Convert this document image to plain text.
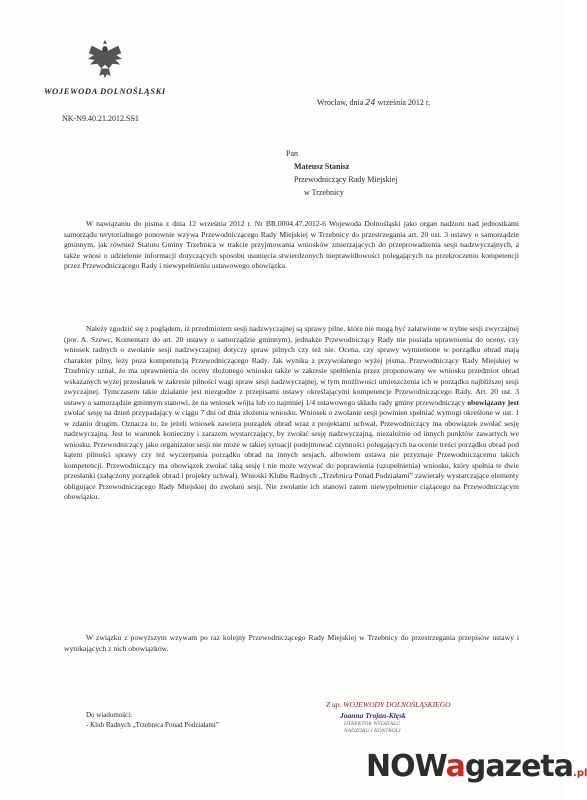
WOJEWODA DOLNOŚLĄSKI
NK-N9.40.21.2012.SS1
Wrocław, dnia 24 września 2012 r.
Pan
Mateusz Stanisz
Przewodniczący Rady Miejskiej
w Trzebnicy
W nawiązaniu do pisma z dnia 12 września 2012 r. Nr BR.0004.47.2012-6 Wojewoda Dolnośląski jako organ nadzoru nad jednostkami samorządu terytorialnego ponownie wzywa Przewodniczącego Rady Miejskiej w Trzebnicy do przestrzegania art. 20 ust. 3 ustawy o samorządzie gminnym, jak również Statutu Gminy Trzebnica w trakcie przyjmowania wniosków zmierzających do przeprowadzenia sesji nadzwyczajnych, a także wnosi o udzielenie informacji dotyczących sposobu usunięcia stwierdzonych nieprawidłowości polegających na przekroczeniu kompetencji przez Przewodniczącego Rady i niewypełnieniu ustawowego obowiązku.
Należy zgodzić się z poglądem, iż przedmiotem sesji nadzwyczajnej są sprawy pilne, które nie mogą być załatwione w trybie sesji zwyczajnej (por. A. Szewc, Komentarz do art. 20 ustawy o samorządzie gminnym), jednakże Przewodniczący Rady nie posiada uprawnienia do oceny, czy wniosek radnych o zwołanie sesji nadzwyczajnej dotyczy spraw pilnych czy też nie. Ocena, czy sprawy wymienione w porządku obrad mają charakter pilny, leży poza kompetencją Przewodniczącego Rady. Jak wynika z przywołanego wyżej pisma, Przewodniczący Rady Miejskiej w Trzebnicy uznał, że ma uprawnienia do oceny złożonego wniosku także w zakresie spełnienia przez proponowany we wniosku przedmiot obrad wskazanych wyżej przesłanek w zakresie pilności wagi spraw sesji nadzwyczajnej, w tym możliwości umieszczenia ich w porządku najbliższej sesji zwyczajnej. Tymczasem takie działanie jest niezgodne z przepisami ustawy określającymi kompetencje Przewodniczącego Rady. Art. 20 ust. 3 ustawy o samorządzie gminnym stanowi, że na wniosek wójta lub co najmniej 1/4 ustawowego składu rady gminy przewodniczący obowiązany jest zwołać sesję na dzień przypadający w ciągu 7 dni od dnia złożenia wniosku. Wniosek o zwołanie sesji powinien spełniać wymogi określone w ust. 1 w zdaniu drugim. Oznacza to, że jeżeli wniosek zawiera porządek obrad wraz z projektami uchwał, Przewodniczący ma obowiązek zwołać sesję nadzwyczajną. Jest to warunek konieczny i zarazem wystarczający, by zwołać sesję nadzwyczajną, niezależnie od innych punktów zawartych we wniosku. Przewodniczący jako organizator sesji nie może w takiej sytuacji podejmować czynności polegających na ocenie treści porządku obrad pod kątem pilności sprawy czy też wyczerpania porządku obrad na innych sesjach, albowiem ustawa nie przyznaje Przewodniczącemu takich kompetencji. Przewodniczący ma obowiązek zwołać taką sesję i nie może wzywać do poprawienia (uzupełnienia) wniosku, który spełnia te dwie przesłanki (załączony porządek obrad i projekty uchwał). Wnioski Klubu Radnych „Trzebnica Ponad Podziałami” zawierały wystarczające elementy obligujące Przewodniczącego Rady Miejskiej do zwołani sesji. Nie zwołanie ich stanowi zatem niewypełnienie ciążącego na Przewodniczącym obowiązku.
W związku z powyższym wzywam po raz kolejny Przewodniczącego Rady Miejskiej w Trzebnicy do przestrzegania przepisów ustawy i wynikających z nich obowiązków.
Do wiadomości:
- Klub Radnych „Trzebnica Ponad Podziałami”
Z up. WOJEWODY DOLNOŚLĄSKIEGO
Joanna Trojan-Klęsk
DYREKTOR WYDZIAŁU
NADZORU I KONTROLI
NOWagazeta.pl
